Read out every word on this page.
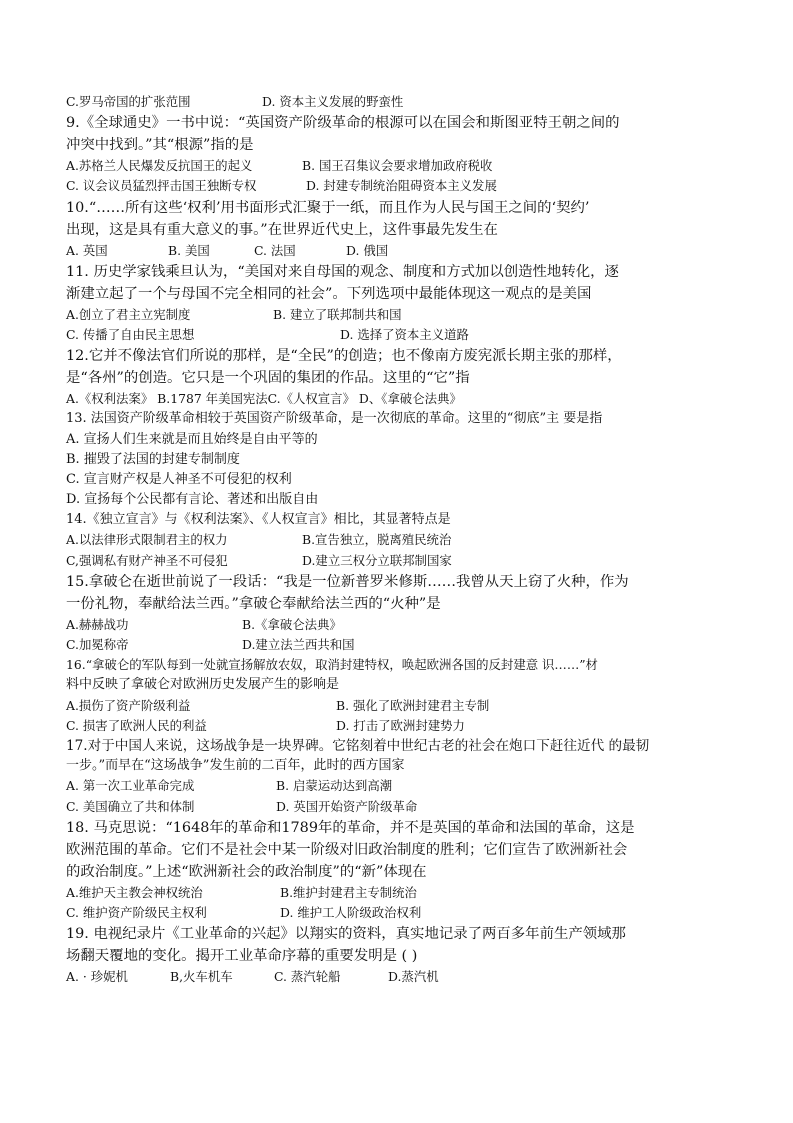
C.罗马帝国的扩张范围	D. 资本主义发展的野蛮性
9.《全球通史》一书中说：“英国资产阶级革命的根源可以在国会和斯图亚特王朝之间的
冲突中找到。”其“根源”指的是
A.苏格兰人民爆发反抗国王的起义	B. 国王召集议会要求增加政府税收
C. 议会议员猛烈抨击国王独断专权	D. 封建专制统治阻碍资本主义发展
10.“……所有这些‘权利’用书面形式汇聚于一纸，而且作为人民与国王之间的‘契约’
出现，这是具有重大意义的事。”在世界近代史上，这件事最先发生在
A. 英国	B. 美国	C. 法国	D. 俄国
11. 历史学家钱乘旦认为，“美国对来自母国的观念、制度和方式加以创造性地转化，逐
渐建立起了一个与母国不完全相同的社会”。下列选项中最能体现这一观点的是美国
A.创立了君主立宪制度	B. 建立了联邦制共和国
C. 传播了自由民主思想	D. 选择了资本主义道路
12.它并不像法官们所说的那样，是“全民”的创造；也不像南方废宪派长期主张的那样，
是“各州”的创造。它只是一个巩固的集团的作品。这里的“它”指
A.《权利法案》 B.1787 年美国宪法C.《人权宣言》 D、《拿破仑法典》
13. 法国资产阶级革命相较于英国资产阶级革命，是一次彻底的革命。这里的“彻底”主 要是指
A. 宣扬人们生来就是而且始终是自由平等的
B. 摧毁了法国的封建专制制度
C. 宣言财产权是人神圣不可侵犯的权利
D. 宣扬每个公民都有言论、著述和出版自由
14.《独立宣言》与《权利法案》、《人权宣言》相比，其显著特点是
A.以法律形式限制君主的权力	B.宣告独立，脱离殖民统治
C,强调私有财产神圣不可侵犯	D.建立三权分立联邦制国家
15.拿破仑在逝世前说了一段话：“我是一位新普罗米修斯……我曾从天上窃了火种，作为
一份礼物，奉献给法兰西。”拿破仑奉献给法兰西的“火种”是
A.赫赫战功	B.《拿破仑法典》
C.加冕称帝	D.建立法兰西共和国
16.“拿破仑的军队每到一处就宣扬解放农奴，取消封建特权，唤起欧洲各国的反封建意 识……”材
料中反映了拿破仑对欧洲历史发展产生的影响是
A.损伤了资产阶级利益	B. 强化了欧洲封建君主专制
C. 损害了欧洲人民的利益	D. 打击了欧洲封建势力
17.对于中国人来说，这场战争是一块界碑。它铭刻着中世纪古老的社会在炮口下赶往近代 的最韧
一步。”而早在“这场战争”发生前的二百年，此时的西方国家
A. 第一次工业革命完成	B. 启蒙运动达到高潮
C. 美国确立了共和体制	D. 英国开始资产阶级革命
18. 马克思说：“1648年的革命和1789年的革命，并不是英国的革命和法国的革命，这是
欧洲范围的革命。它们不是社会中某一阶级对旧政治制度的胜利；它们宣告了欧洲新社会
的政治制度。”上述“欧洲新社会的政治制度”的“新”体现在
A.维护天主教会神权统治	B.维护封建君主专制统治
C. 维护资产阶级民主权利	D. 维护工人阶级政治权利
19. 电视纪录片《工业革命的兴起》以翔实的资料，真实地记录了两百多年前生产领域那
场翻天覆地的变化。揭开工业革命序幕的重要发明是 ( )
A. · 珍妮机	B,火车机车	C. 蒸汽轮船	D.蒸汽机
